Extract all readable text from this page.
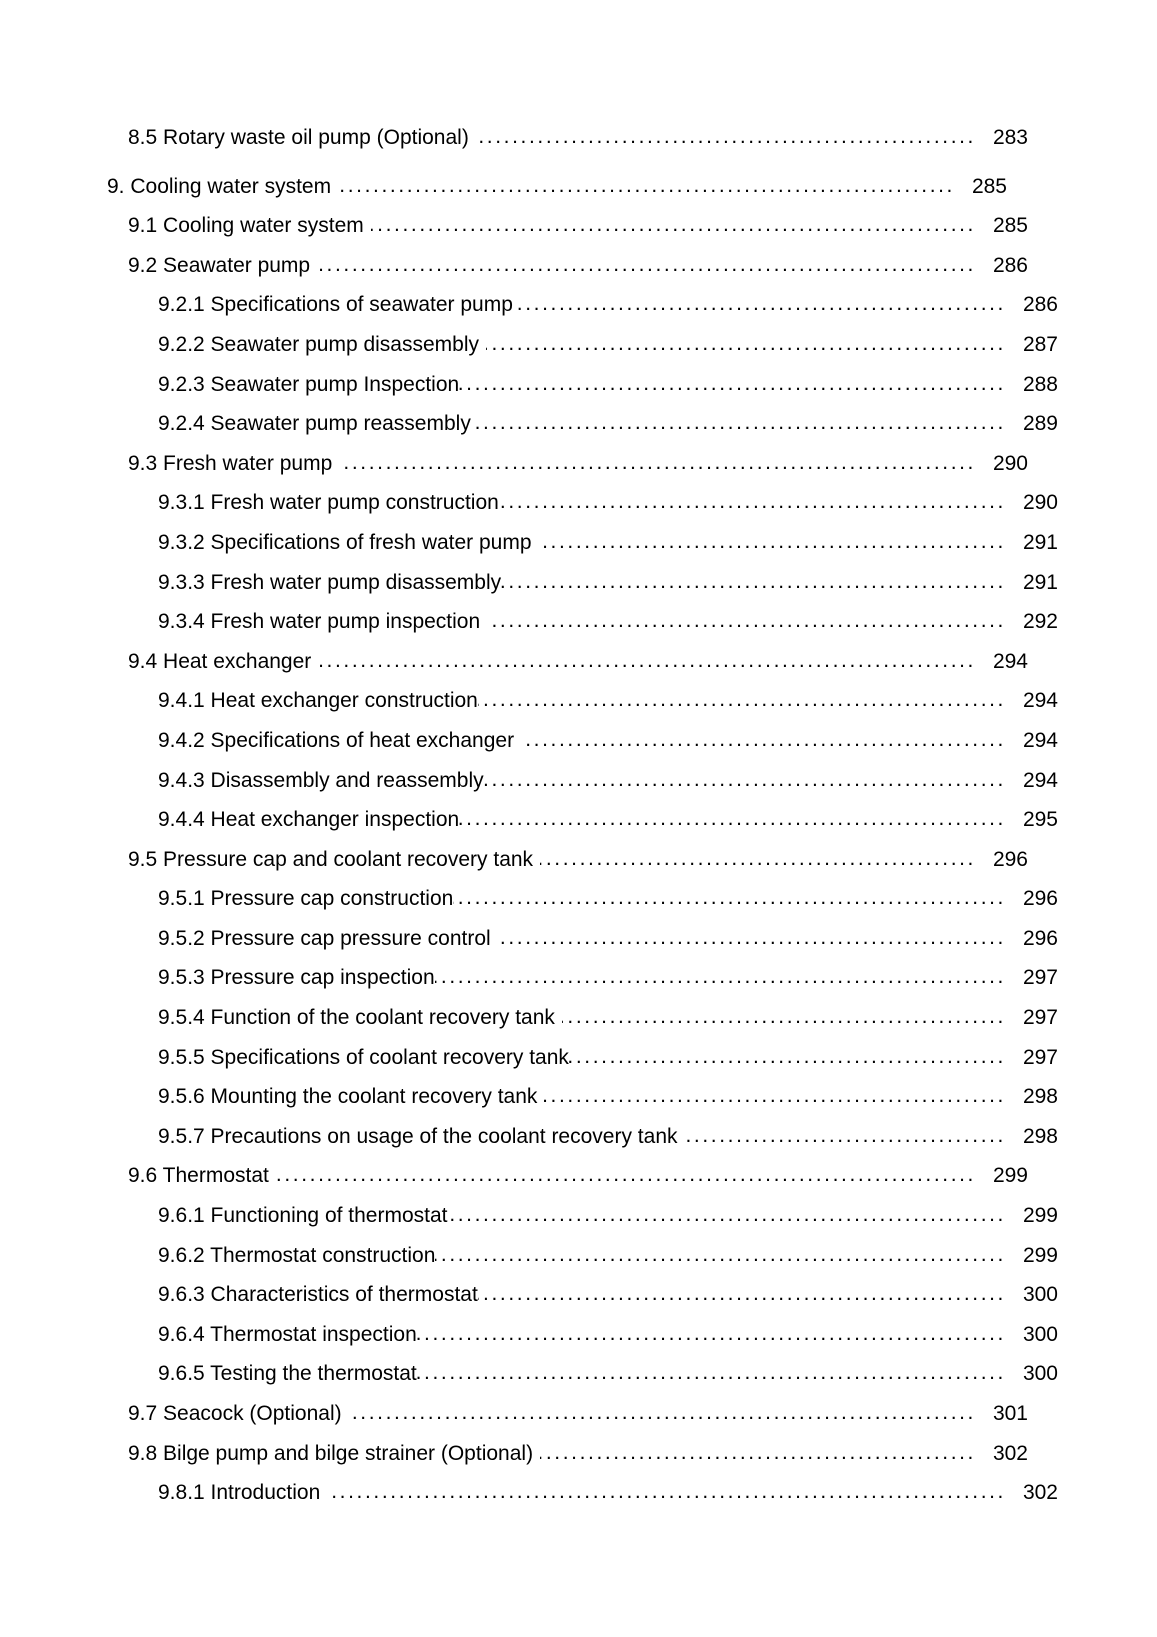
8.5 Rotary waste oil pump (Optional) .....	283
9. Cooling water system .....	285
9.1 Cooling water system .....	285
9.2 Seawater pump .....	286
9.2.1 Specifications of seawater pump .....	286
9.2.2 Seawater pump disassembly .....	287
9.2.3 Seawater pump Inspection .....	288
9.2.4 Seawater pump reassembly .....	289
9.3 Fresh water pump .....	290
9.3.1 Fresh water pump construction .....	290
9.3.2 Specifications of fresh water pump .....	291
9.3.3 Fresh water pump disassembly .....	291
9.3.4 Fresh water pump inspection .....	292
9.4 Heat exchanger .....	294
9.4.1 Heat exchanger construction .....	294
9.4.2 Specifications of heat exchanger .....	294
9.4.3 Disassembly and reassembly .....	294
9.4.4 Heat exchanger inspection .....	295
9.5 Pressure cap and coolant recovery tank .....	296
9.5.1 Pressure cap construction .....	296
9.5.2 Pressure cap pressure control .....	296
9.5.3 Pressure cap inspection .....	297
9.5.4 Function of the coolant recovery tank .....	297
9.5.5 Specifications of coolant recovery tank .....	297
9.5.6 Mounting the coolant recovery tank .....	298
9.5.7 Precautions on usage of the coolant recovery tank .....	298
9.6 Thermostat .....	299
9.6.1 Functioning of thermostat .....	299
9.6.2 Thermostat construction .....	299
9.6.3 Characteristics of thermostat .....	300
9.6.4 Thermostat inspection .....	300
9.6.5 Testing the thermostat .....	300
9.7 Seacock (Optional) .....	301
9.8 Bilge pump and bilge strainer (Optional) .....	302
9.8.1 Introduction .....	302
